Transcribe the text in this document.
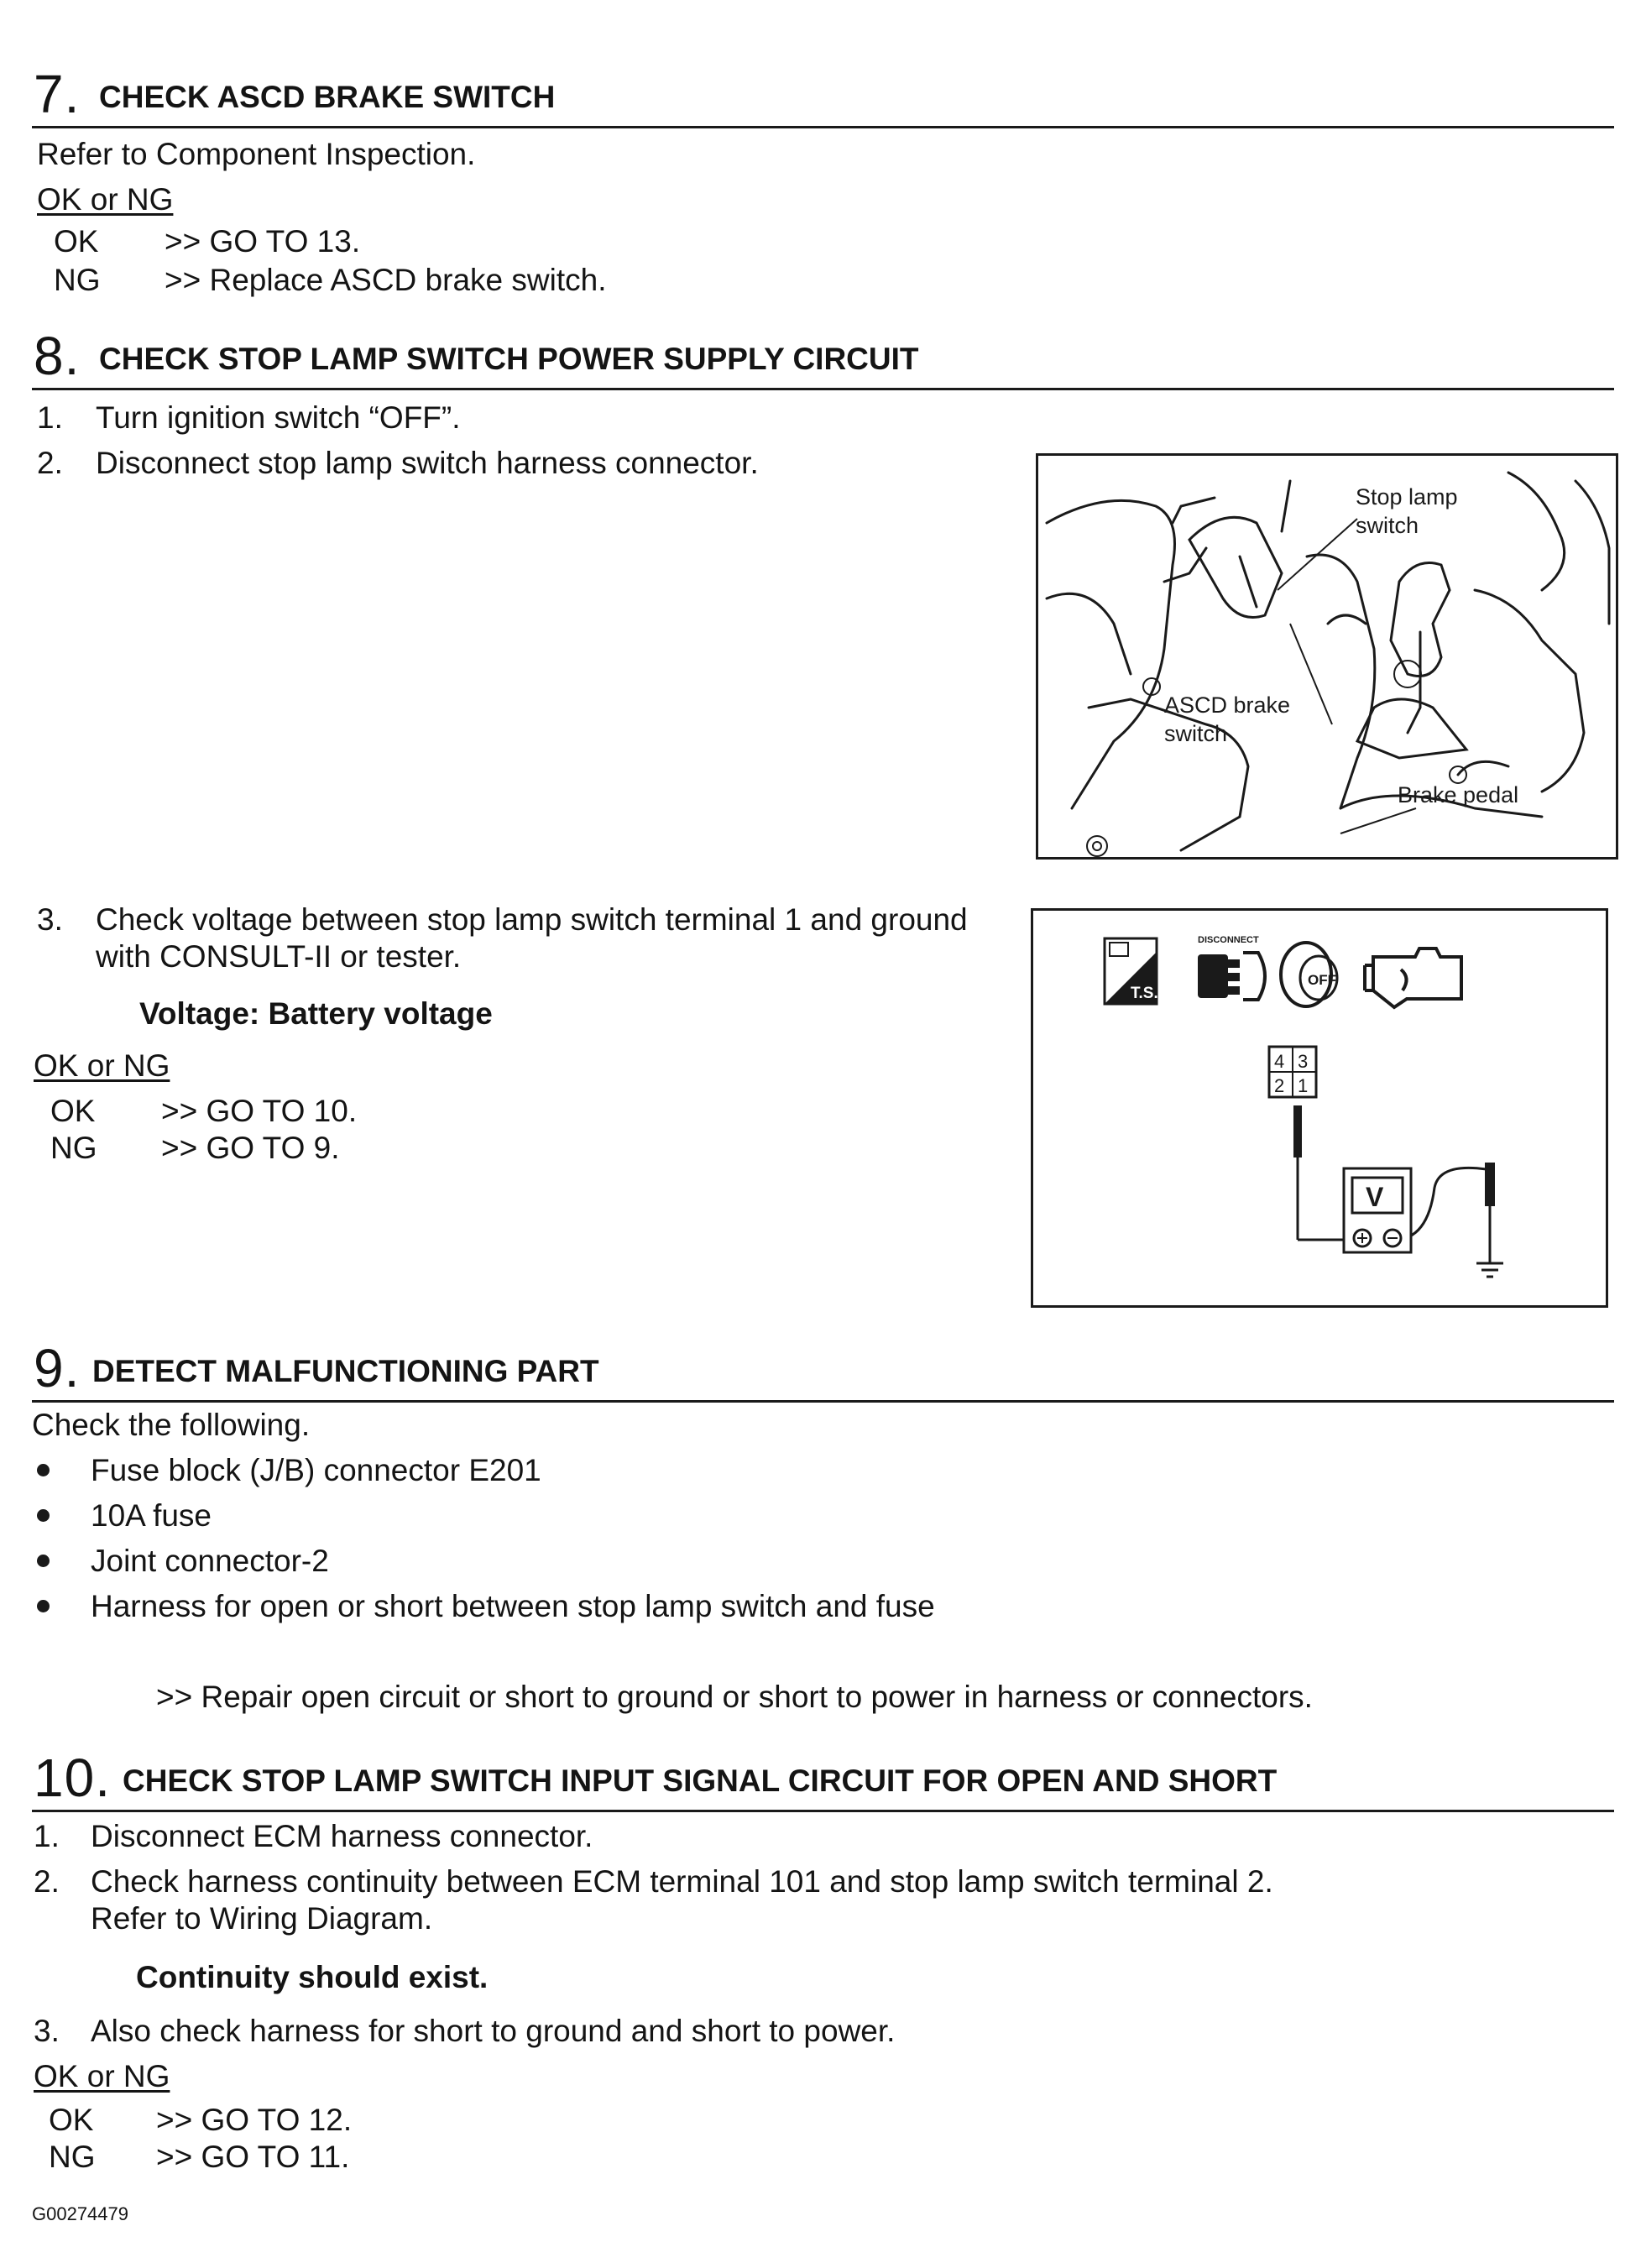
7. CHECK ASCD BRAKE SWITCH
Refer to Component Inspection.
OK or NG
OK >> GO TO 13.
NG >> Replace ASCD brake switch.
8. CHECK STOP LAMP SWITCH POWER SUPPLY CIRCUIT
1. Turn ignition switch “OFF”.
2. Disconnect stop lamp switch harness connector.
Stop lamp
switch
ASCD brake
switch
Brake pedal
3. Check voltage between stop lamp switch terminal 1 and ground
with CONSULT-II or tester.
Voltage: Battery voltage
OK or NG
OK >> GO TO 10.
NG >> GO TO 9.
T.S.
DISCONNECT
OFF
4 3
2 1
V
9. DETECT MALFUNCTIONING PART
Check the following.
Fuse block (J/B) connector E201
10A fuse
Joint connector-2
Harness for open or short between stop lamp switch and fuse
>> Repair open circuit or short to ground or short to power in harness or connectors.
10. CHECK STOP LAMP SWITCH INPUT SIGNAL CIRCUIT FOR OPEN AND SHORT
1. Disconnect ECM harness connector.
2. Check harness continuity between ECM terminal 101 and stop lamp switch terminal 2.
Refer to Wiring Diagram.
Continuity should exist.
3. Also check harness for short to ground and short to power.
OK or NG
OK >> GO TO 12.
NG >> GO TO 11.
G00274479
